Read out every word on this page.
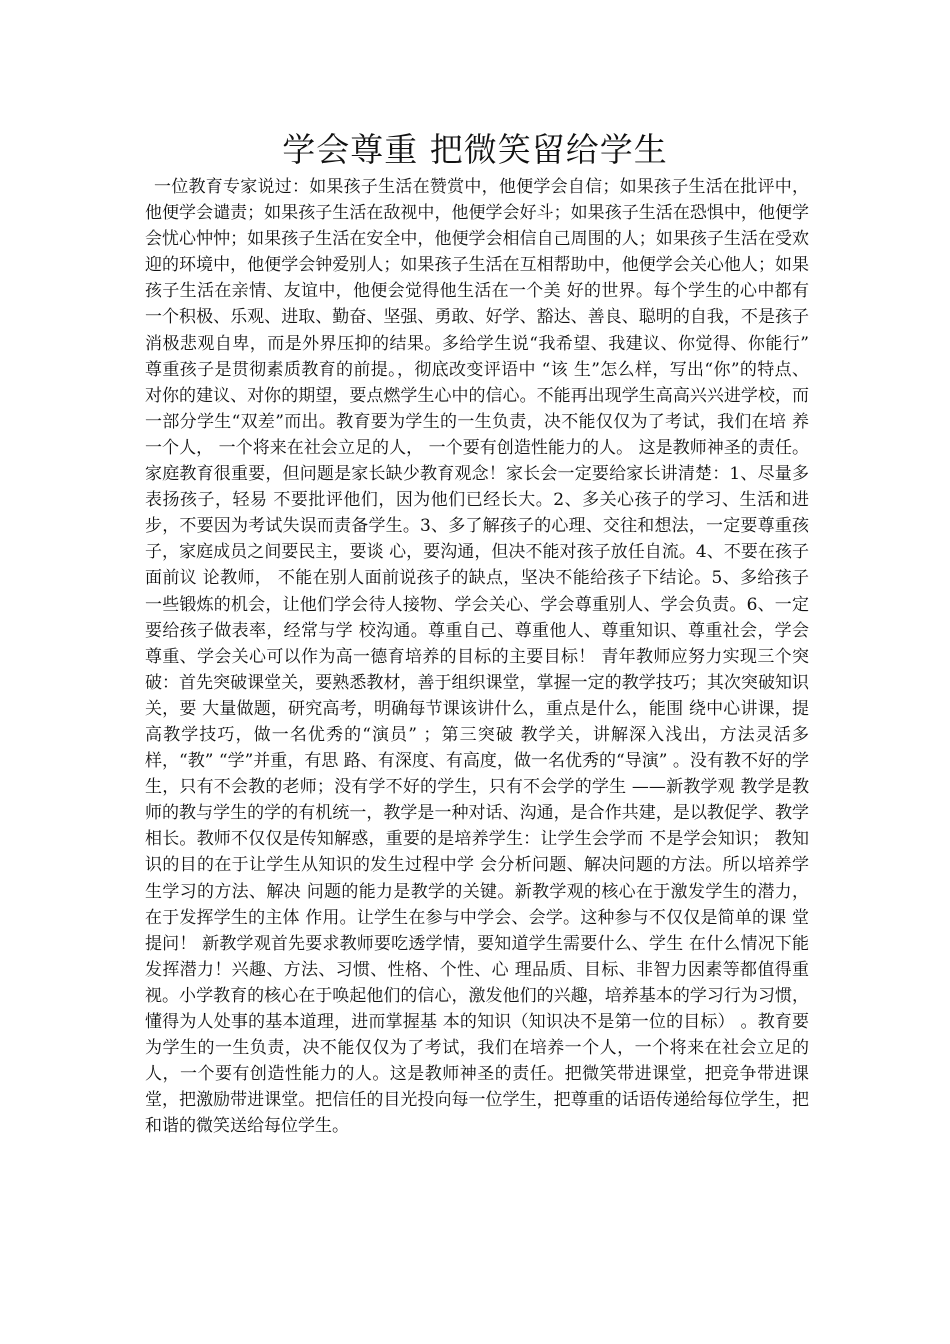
学会尊重 把微笑留给学生

一位教育专家说过：如果孩子生活在赞赏中，他便学会自信；如果孩子生活在批评中，他便学会谴责；如果孩子生活在敌视中，他便学会好斗；如果孩子生活在恐惧中，他便学会忧心忡忡；如果孩子生活在安全中，他便学会相信自己周围的人；如果孩子生活在受欢迎的环境中，他便学会钟爱别人；如果孩子生活在互相帮助中，他便学会关心他人；如果孩子生活在亲情、友谊中，他便会觉得他生活在一个美 好的世界。每个学生的心中都有一个积极、乐观、进取、勤奋、坚强、勇敢、好学、豁达、善良、聪明的自我，不是孩子消极悲观自卑，而是外界压抑的结果。多给学生说“我希望、我建议、你觉得、你能行” 尊重孩子是贯彻素质教育的前提。，彻底改变评语中 “该 生”怎么样，写出“你”的特点、对你的建议、对你的期望，要点燃学生心中的信心。不能再出现学生高高兴兴进学校，而一部分学生“双差”而出。教育要为学生的一生负责，决不能仅仅为了考试，我们在培 养一个人， 一个将来在社会立足的人， 一个要有创造性能力的人。 这是教师神圣的责任。家庭教育很重要，但问题是家长缺少教育观念！家长会一定要给家长讲清楚：1、尽量多表扬孩子，轻易 不要批评他们，因为他们已经长大。2、多关心孩子的学习、生活和进步，不要因为考试失误而责备学生。3、多了解孩子的心理、交往和想法，一定要尊重孩子，家庭成员之间要民主，要谈 心，要沟通，但决不能对孩子放任自流。4、不要在孩子面前议 论教师， 不能在别人面前说孩子的缺点，坚决不能给孩子下结论。5、多给孩子一些锻炼的机会，让他们学会待人接物、学会关心、学会尊重别人、学会负责。6、一定要给孩子做表率，经常与学 校沟通。尊重自己、尊重他人、尊重知识、尊重社会，学会尊重、学会关心可以作为高一德育培养的目标的主要目标！ 青年教师应努力实现三个突破：首先突破课堂关，要熟悉教材，善于组织课堂，掌握一定的教学技巧；其次突破知识关，要 大量做题，研究高考，明确每节课该讲什么，重点是什么，能围 绕中心讲课，提高教学技巧，做一名优秀的“演员” ；第三突破 教学关，讲解深入浅出，方法灵活多样，“教” “学”并重，有思 路、有深度、有高度，做一名优秀的“导演” 。没有教不好的学 生，只有不会教的老师；没有学不好的学生，只有不会学的学生 ——新教学观 教学是教师的教与学生的学的有机统一，教学是一种对话、沟通，是合作共建，是以教促学、教学相长。教师不仅仅是传知解惑，重要的是培养学生：让学生会学而 不是学会知识； 教知识的目的在于让学生从知识的发生过程中学 会分析问题、解决问题的方法。所以培养学生学习的方法、解决 问题的能力是教学的关键。新教学观的核心在于激发学生的潜力，在于发挥学生的主体 作用。让学生在参与中学会、会学。这种参与不仅仅是简单的课 堂提问！ 新教学观首先要求教师要吃透学情，要知道学生需要什么、学生 在什么情况下能发挥潜力！兴趣、方法、习惯、性格、个性、心 理品质、目标、非智力因素等都值得重视。小学教育的核心在于唤起他们的信心，激发他们的兴趣，培养基本的学习行为习惯，懂得为人处事的基本道理，进而掌握基 本的知识（知识决不是第一位的目标） 。教育要为学生的一生负责，决不能仅仅为了考试，我们在培养一个人，一个将来在社会立足的人，一个要有创造性能力的人。这是教师神圣的责任。把微笑带进课堂，把竞争带进课堂，把激励带进课堂。把信任的目光投向每一位学生，把尊重的话语传递给每位学生，把和谐的微笑送给每位学生。
